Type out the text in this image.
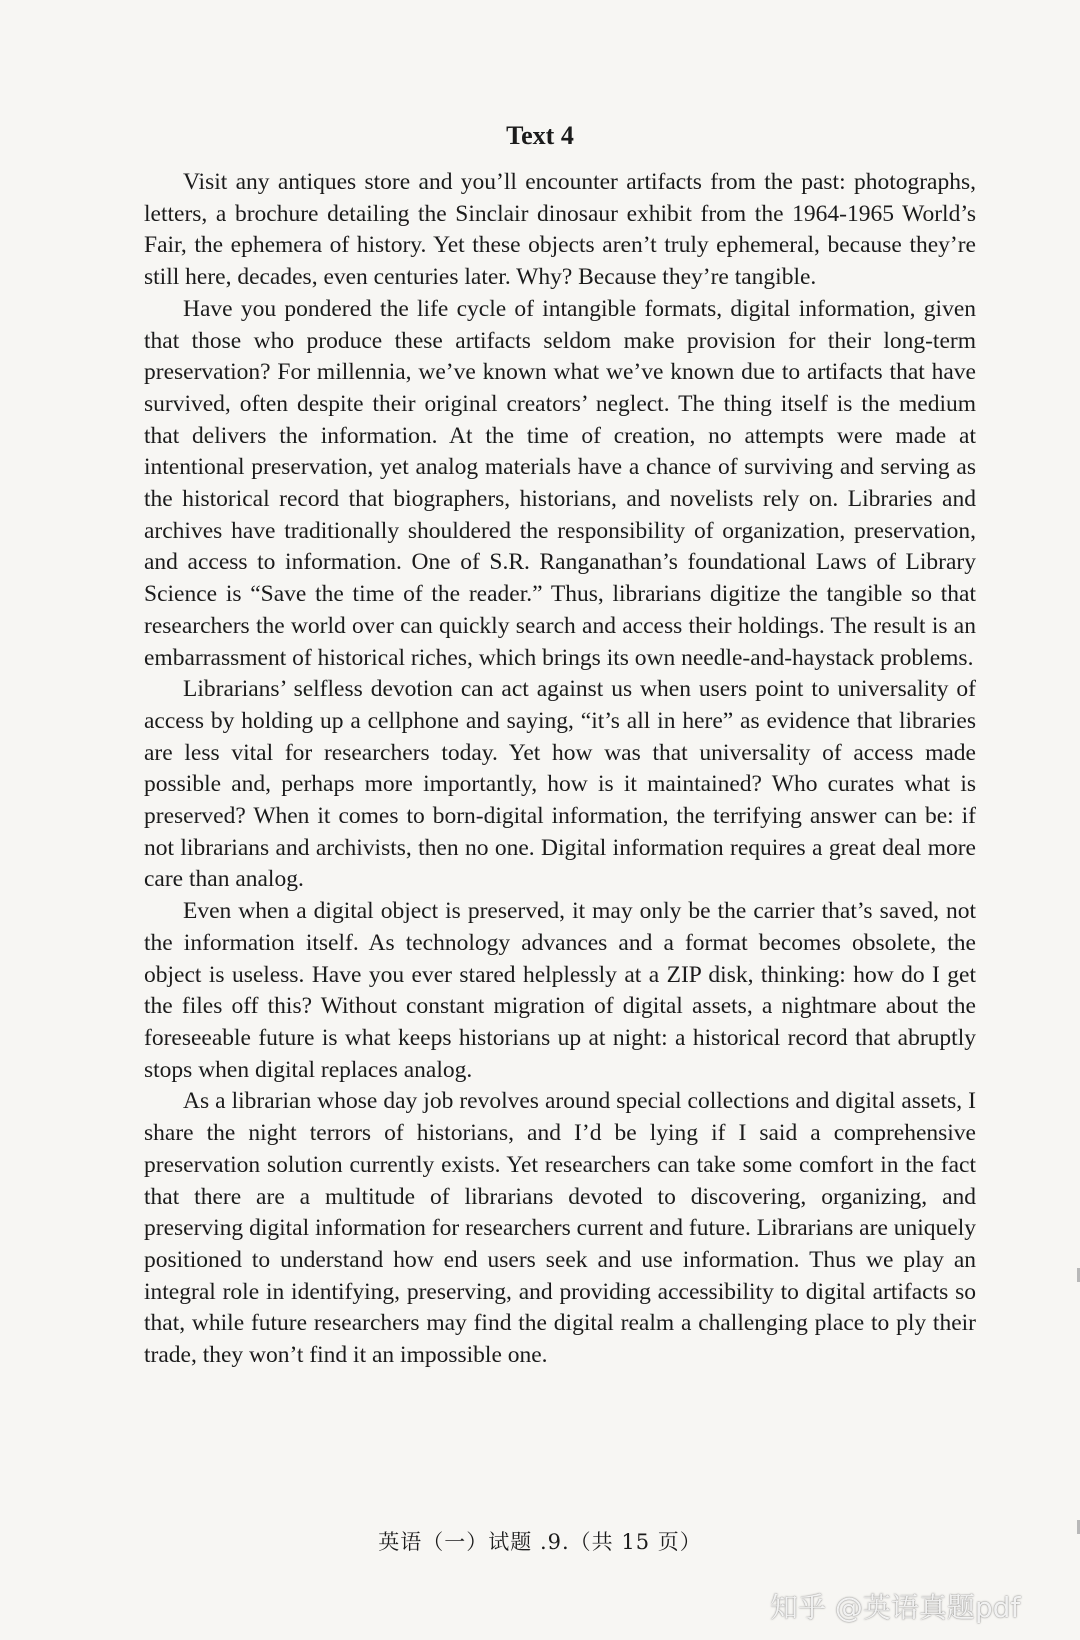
Text 4

Visit any antiques store and you’ll encounter artifacts from the past: photographs, letters, a brochure detailing the Sinclair dinosaur exhibit from the 1964-1965 World’s Fair, the ephemera of history. Yet these objects aren’t truly ephemeral, because they’re still here, decades, even centuries later. Why? Because they’re tangible.

Have you pondered the life cycle of intangible formats, digital information, given that those who produce these artifacts seldom make provision for their long-term preservation? For millennia, we’ve known what we’ve known due to artifacts that have survived, often despite their original creators’ neglect. The thing itself is the medium that delivers the information. At the time of creation, no attempts were made at intentional preservation, yet analog materials have a chance of surviving and serving as the historical record that biographers, historians, and novelists rely on. Libraries and archives have traditionally shouldered the responsibility of organization, preservation, and access to information. One of S.R. Ranganathan’s foundational Laws of Library Science is “Save the time of the reader.” Thus, librarians digitize the tangible so that researchers the world over can quickly search and access their holdings. The result is an embarrassment of historical riches, which brings its own needle-and-haystack problems.

Librarians’ selfless devotion can act against us when users point to universality of access by holding up a cellphone and saying, “it’s all in here” as evidence that libraries are less vital for researchers today. Yet how was that universality of access made possible and, perhaps more importantly, how is it maintained? Who curates what is preserved? When it comes to born-digital information, the terrifying answer can be: if not librarians and archivists, then no one. Digital information requires a great deal more care than analog.

Even when a digital object is preserved, it may only be the carrier that’s saved, not the information itself. As technology advances and a format becomes obsolete, the object is useless. Have you ever stared helplessly at a ZIP disk, thinking: how do I get the files off this? Without constant migration of digital assets, a nightmare about the foreseeable future is what keeps historians up at night: a historical record that abruptly stops when digital replaces analog.

As a librarian whose day job revolves around special collections and digital assets, I share the night terrors of historians, and I’d be lying if I said a comprehensive preservation solution currently exists. Yet researchers can take some comfort in the fact that there are a multitude of librarians devoted to discovering, organizing, and preserving digital information for researchers current and future. Librarians are uniquely positioned to understand how end users seek and use information. Thus we play an integral role in identifying, preserving, and providing accessibility to digital artifacts so that, while future researchers may find the digital realm a challenging place to ply their trade, they won’t find it an impossible one.

英语（一）试题 .9.（共 15 页）
知乎 @英语真题pdf
